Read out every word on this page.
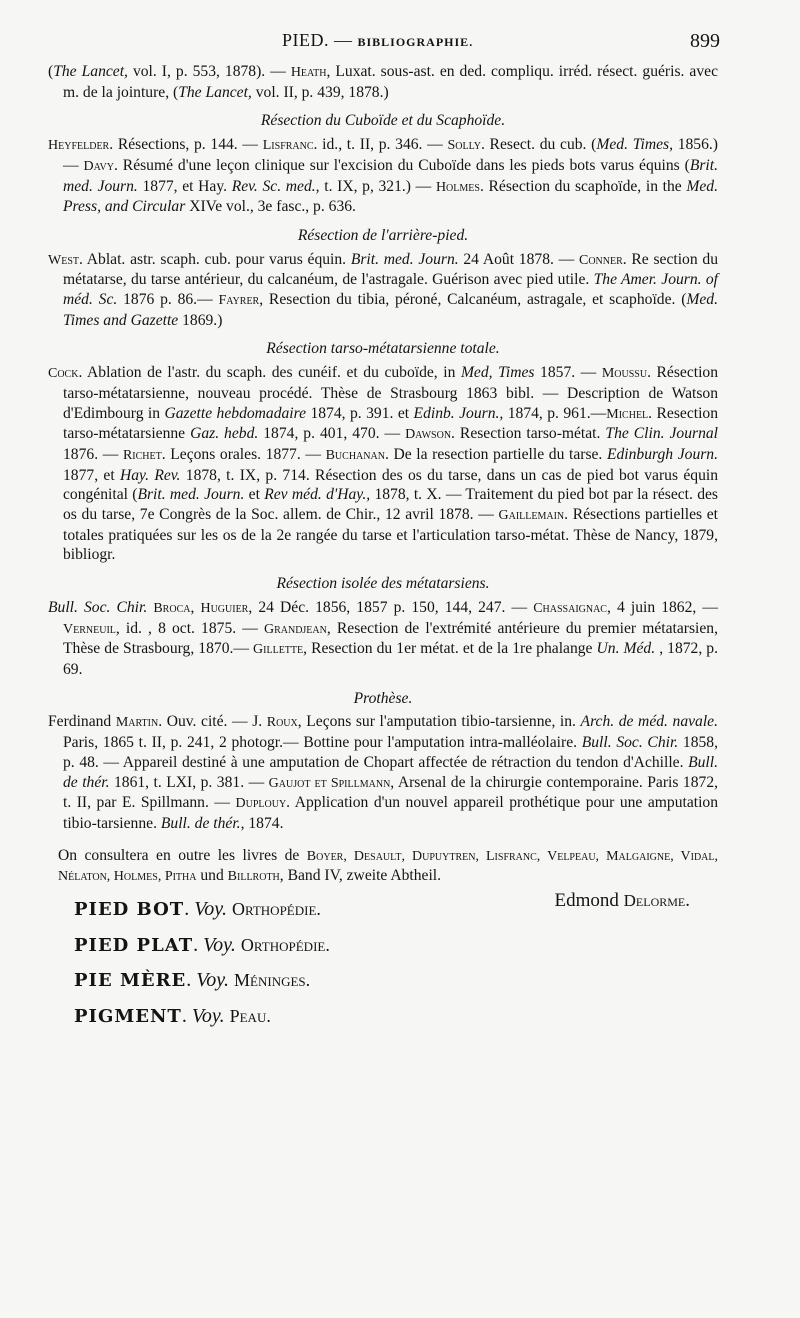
PIED. — BIBLIOGRAPHIE.	899

(The Lancet, vol. I, p. 553, 1878). — Heath, Luxat. sous-ast. en ded. compliqu. irréd. résect. guéris. avec m. de la jointure, (The Lancet, vol. II, p. 439, 1878.)

Résection du Cuboïde et du Scaphoïde.

Heyfelder. Résections, p. 144. — Lisfranc. id., t. II, p. 346. — Solly. Resect. du cub. (Med. Times, 1856.) — Davy. Résumé d'une leçon clinique sur l'excision du Cuboïde dans les pieds bots varus équins (Brit. med. Journ. 1877, et Hay. Rev. Sc. med., t. IX, p, 321.) — Holmes. Résection du scaphoïde, in the Med. Press, and Circular XIVe vol., 3e fasc., p. 636.

Résection de l'arrière-pied.

West. Ablat. astr. scaph. cub. pour varus équin. Brit. med. Journ. 24 Août 1878. — Conner. Re section du métatarse, du tarse antérieur, du calcanéum, de l'astragale. Guérison avec pied utile. The Amer. Journ. of méd. Sc. 1876 p. 86.— Fayrer, Resection du tibia, péroné, Calcanéum, astragale, et scaphoïde. (Med. Times and Gazette 1869.)

Résection tarso-métatarsienne totale.

Cock. Ablation de l'astr. du scaph. des cunéif. et du cuboïde, in Med, Times 1857. — Moussu. Résection tarso-métatarsienne, nouveau procédé. Thèse de Strasbourg 1863 bibl. — Description de Watson d'Edimbourg in Gazette hebdomadaire 1874, p. 391. et Edinb. Journ., 1874, p. 961.—Michel. Resection tarso-métatarsienne Gaz. hebd. 1874, p. 401, 470. — Dawson. Resection tarso-métat. The Clin. Journal 1876. — Richet. Leçons orales. 1877. — Buchanan. De la resection partielle du tarse. Edinburgh Journ. 1877, et Hay. Rev. 1878, t. IX, p. 714. Résection des os du tarse, dans un cas de pied bot varus équin congénital (Brit. med. Journ. et Rev méd. d'Hay., 1878, t. X. — Traitement du pied bot par la résect. des os du tarse, 7e Congrès de la Soc. allem. de Chir., 12 avril 1878. — Gaillemain. Résections partielles et totales pratiquées sur les os de la 2e rangée du tarse et l'articulation tarso-métat. Thèse de Nancy, 1879, bibliogr.

Résection isolée des métatarsiens.

Bull. Soc. Chir. Broca, Huguier, 24 Déc. 1856, 1857 p. 150, 144, 247. — Chassaignac, 4 juin 1862, — Verneuil, id. , 8 oct. 1875. — Grandjean, Resection de l'extrémité antérieure du premier métatarsien, Thèse de Strasbourg, 1870.— Gillette, Resection du 1er métat. et de la 1re phalange Un. Méd. , 1872, p. 69.

Prothèse.

Ferdinand Martin. Ouv. cité. — J. Roux, Leçons sur l'amputation tibio-tarsienne, in. Arch. de méd. navale. Paris, 1865 t. II, p. 241, 2 photogr.— Bottine pour l'amputation intra-malléolaire. Bull. Soc. Chir. 1858, p. 48. — Appareil destiné à une amputation de Chopart affectée de rétraction du tendon d'Achille. Bull. de thér. 1861, t. LXI, p. 381. — Gaujot et Spillmann, Arsenal de la chirurgie contemporaine. Paris 1872, t. II, par E. Spillmann. — Duplouy. Application d'un nouvel appareil prothétique pour une amputation tibio-tarsienne. Bull. de thér., 1874.

On consultera en outre les livres de Boyer, Desault, Dupuytren, Lisfranc, Velpeau, Malgaigne, Vidal, Nélaton, Holmes, Pitha und Billroth, Band IV, zweite Abtheil.

Edmond Delorme.
PIED BOT. Voy. Orthopédie.
PIED PLAT. Voy. Orthopédie.
PIE MÈRE. Voy. Méninges.
PIGMENT. Voy. Peau.
